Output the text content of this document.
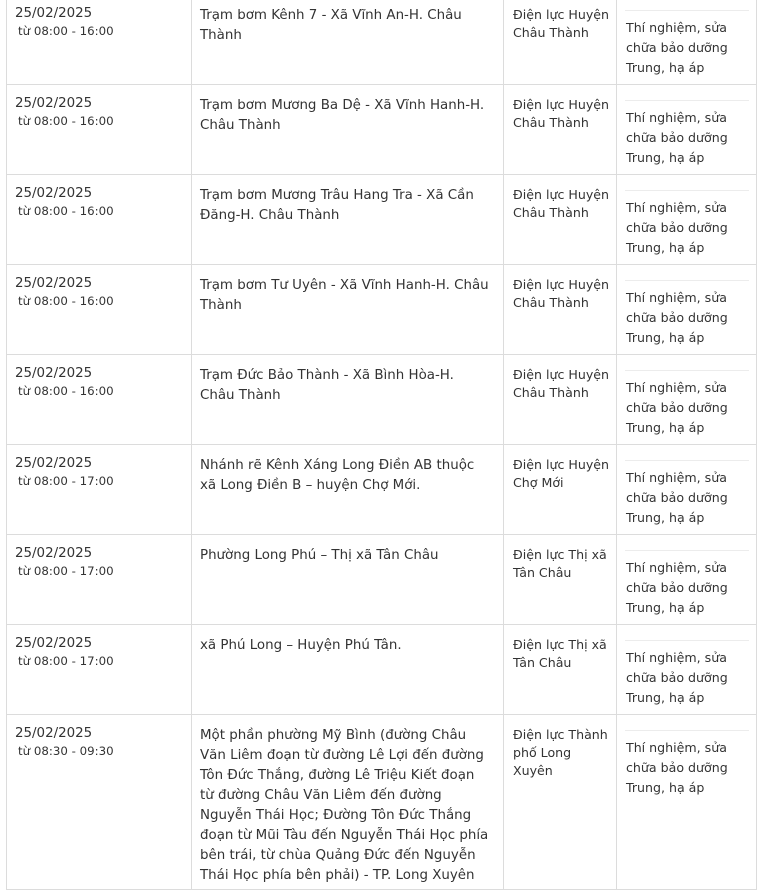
25/02/2025
từ 08:00 - 16:00	Trạm bơm Kênh 7 - Xã Vĩnh An-H. Châu Thành	Điện lực Huyện Châu Thành	Thí nghiệm, sửa chữa bảo dưỡng Trung, hạ áp

25/02/2025
từ 08:00 - 16:00	Trạm bơm Mương Ba Dệ - Xã Vĩnh Hanh-H. Châu Thành	Điện lực Huyện Châu Thành	Thí nghiệm, sửa chữa bảo dưỡng Trung, hạ áp

25/02/2025
từ 08:00 - 16:00	Trạm bơm Mương Trâu Hang Tra - Xã Cần Đăng-H. Châu Thành	Điện lực Huyện Châu Thành	Thí nghiệm, sửa chữa bảo dưỡng Trung, hạ áp

25/02/2025
từ 08:00 - 16:00	Trạm bơm Tư Uyên - Xã Vĩnh Hanh-H. Châu Thành	Điện lực Huyện Châu Thành	Thí nghiệm, sửa chữa bảo dưỡng Trung, hạ áp

25/02/2025
từ 08:00 - 16:00	Trạm Đức Bảo Thành - Xã Bình Hòa-H. Châu Thành	Điện lực Huyện Châu Thành	Thí nghiệm, sửa chữa bảo dưỡng Trung, hạ áp

25/02/2025
từ 08:00 - 17:00	Nhánh rẽ Kênh Xáng Long Điền AB thuộc xã Long Điền B – huyện Chợ Mới.	Điện lực Huyện Chợ Mới	Thí nghiệm, sửa chữa bảo dưỡng Trung, hạ áp

25/02/2025
từ 08:00 - 17:00	Phường Long Phú – Thị xã Tân Châu	Điện lực Thị xã Tân Châu	Thí nghiệm, sửa chữa bảo dưỡng Trung, hạ áp

25/02/2025
từ 08:00 - 17:00	xã Phú Long – Huyện Phú Tân.	Điện lực Thị xã Tân Châu	Thí nghiệm, sửa chữa bảo dưỡng Trung, hạ áp

25/02/2025
từ 08:30 - 09:30	Một phần phường Mỹ Bình (đường Châu Văn Liêm đoạn từ đường Lê Lợi đến đường Tôn Đức Thắng, đường Lê Triệu Kiết đoạn từ đường Châu Văn Liêm đến đường Nguyễn Thái Học; Đường Tôn Đức Thắng đoạn từ Mũi Tàu đến Nguyễn Thái Học phía bên trái, từ chùa Quảng Đức đến Nguyễn Thái Học phía bên phải) - TP. Long Xuyên	Điện lực Thành phố Long Xuyên	Thí nghiệm, sửa chữa bảo dưỡng Trung, hạ áp
